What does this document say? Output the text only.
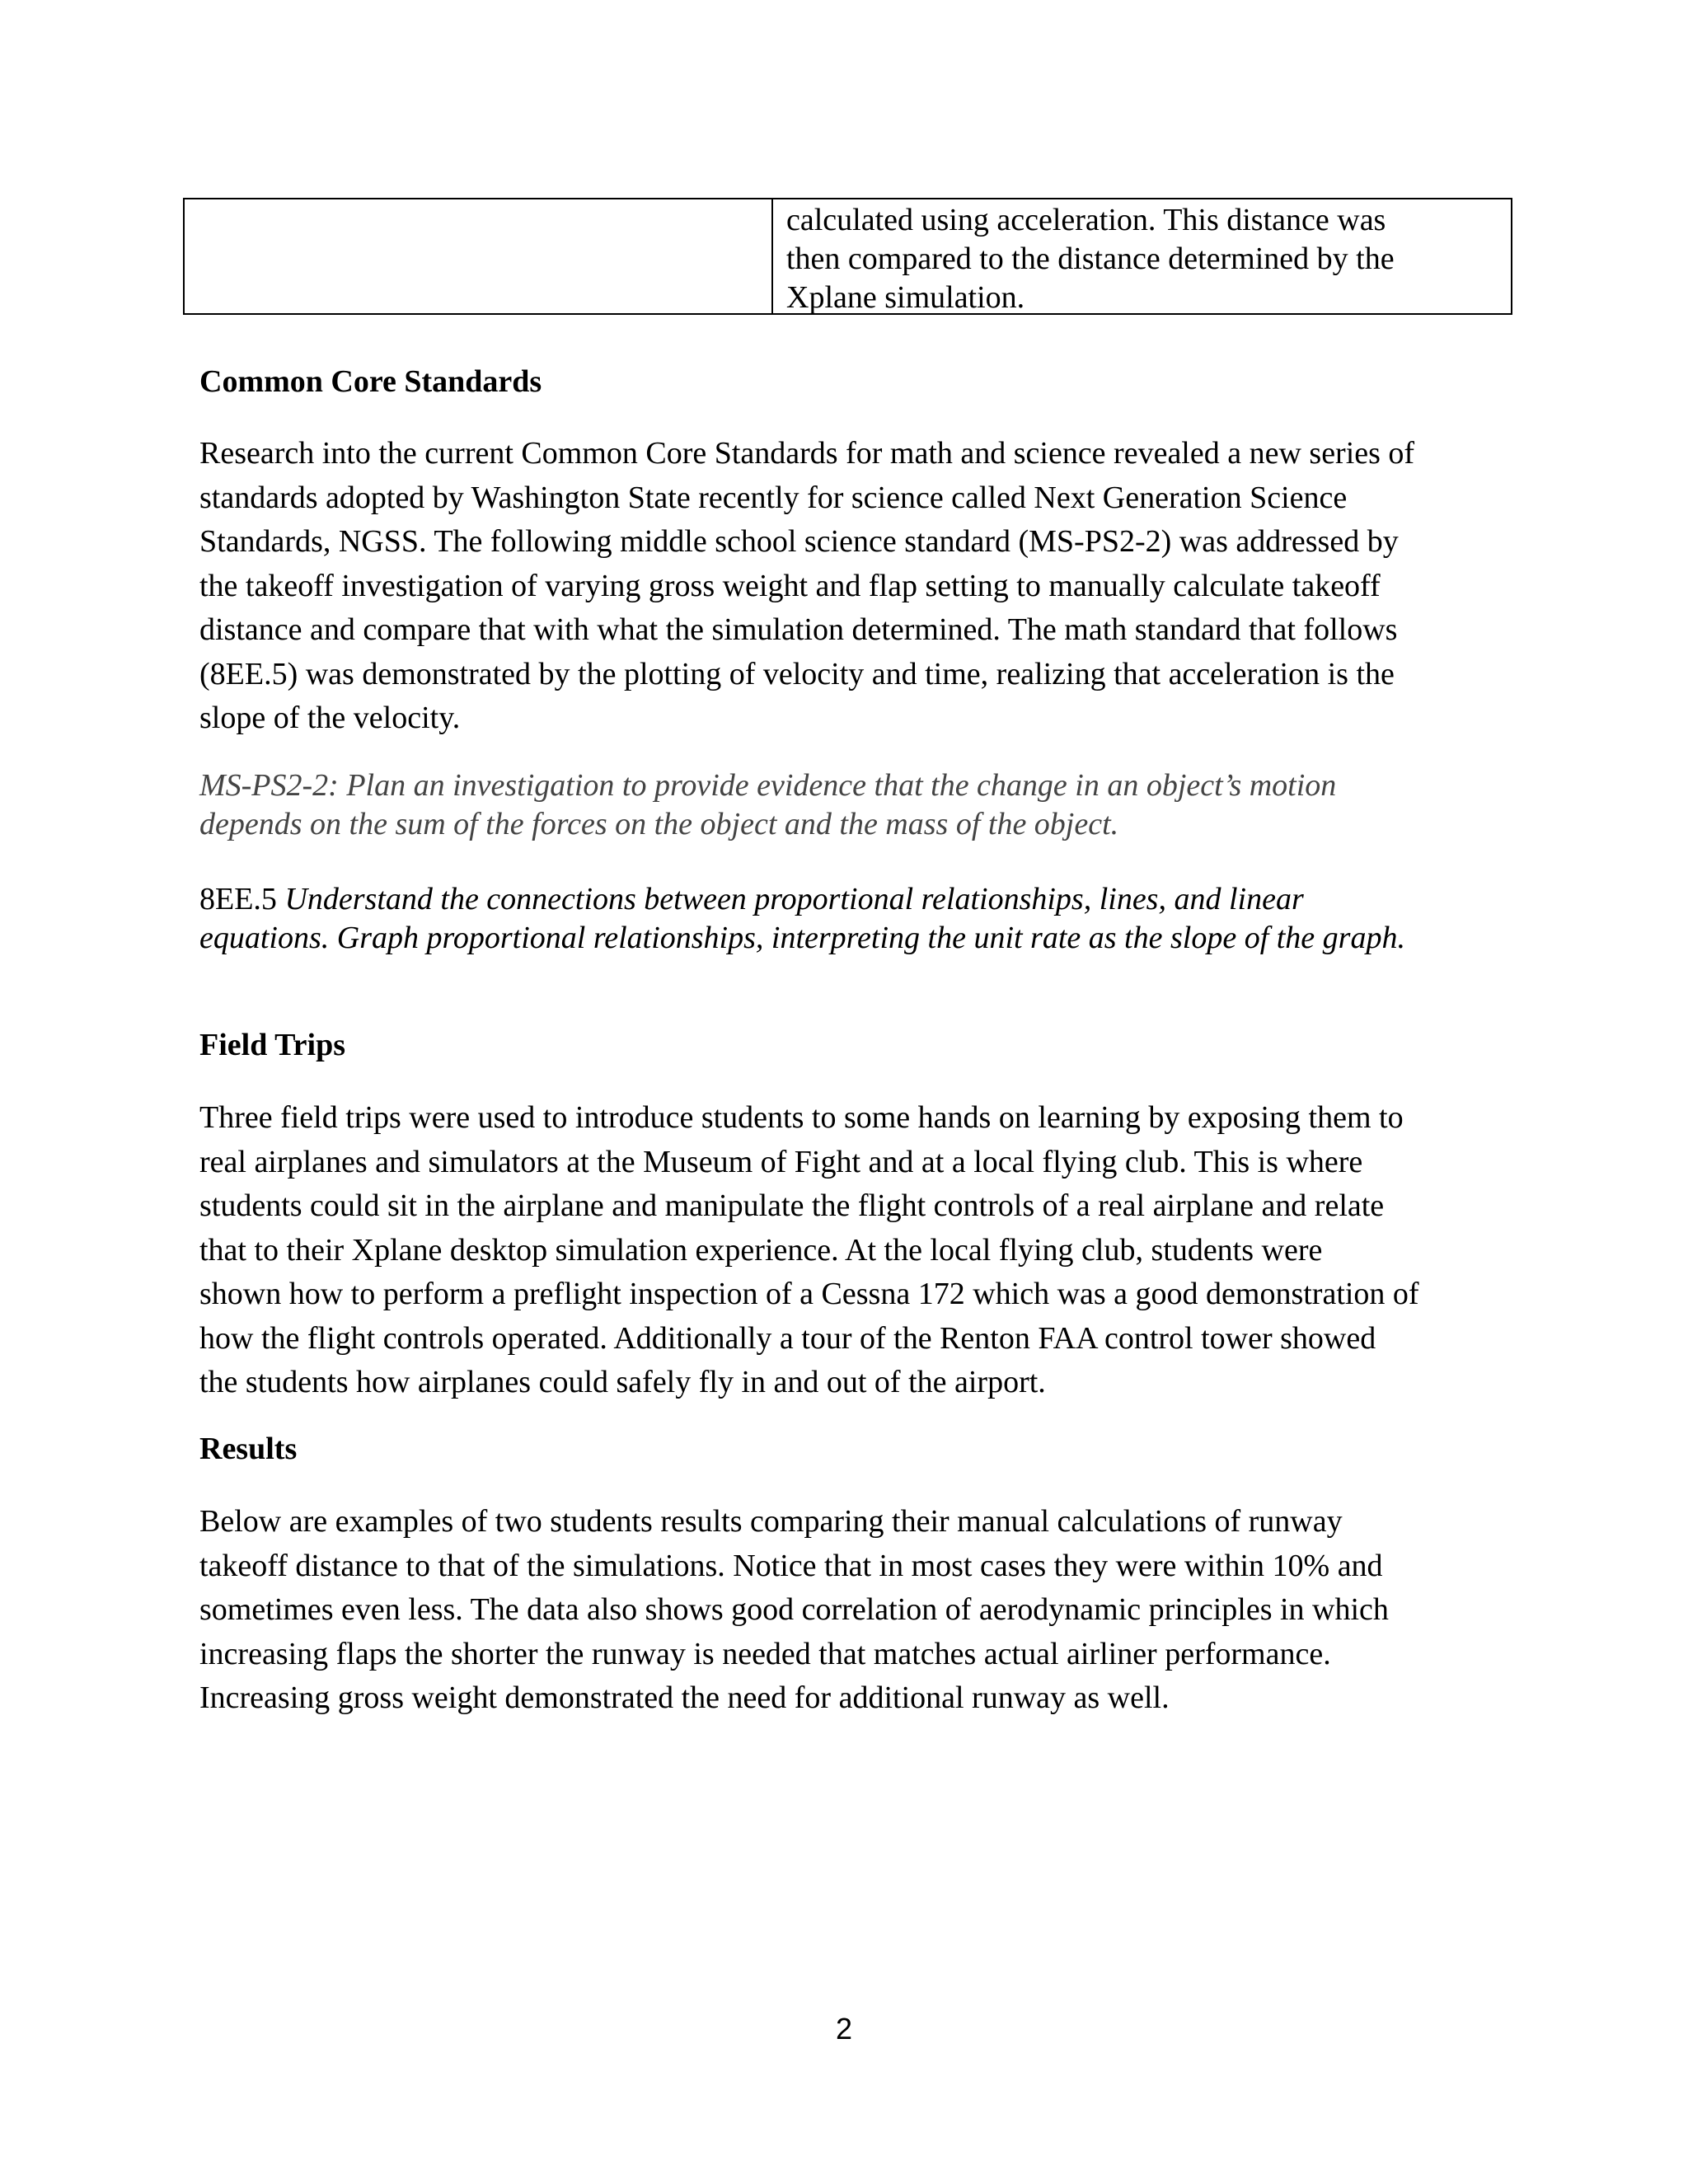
calculated using acceleration. This distance was
then compared to the distance determined by the
Xplane simulation.
Common Core Standards
Research into the current Common Core Standards for math and science revealed a new series of
standards adopted by Washington State recently for science called Next Generation Science
Standards, NGSS. The following middle school science standard (MS-PS2-2) was addressed by
the takeoff investigation of varying gross weight and flap setting to manually calculate takeoff
distance and compare that with what the simulation determined. The math standard that follows
(8EE.5) was demonstrated by the plotting of velocity and time, realizing that acceleration is the
slope of the velocity.
MS-PS2-2: Plan an investigation to provide evidence that the change in an object’s motion
depends on the sum of the forces on the object and the mass of the object.
8EE.5 Understand the connections between proportional relationships, lines, and linear
equations. Graph proportional relationships, interpreting the unit rate as the slope of the graph.
Field Trips
Three field trips were used to introduce students to some hands on learning by exposing them to
real airplanes and simulators at the Museum of Fight and at a local flying club. This is where
students could sit in the airplane and manipulate the flight controls of a real airplane and relate
that to their Xplane desktop simulation experience. At the local flying club, students were
shown how to perform a preflight inspection of a Cessna 172 which was a good demonstration of
how the flight controls operated. Additionally a tour of the Renton FAA control tower showed
the students how airplanes could safely fly in and out of the airport.
Results
Below are examples of two students results comparing their manual calculations of runway
takeoff distance to that of the simulations. Notice that in most cases they were within 10% and
sometimes even less. The data also shows good correlation of aerodynamic principles in which
increasing flaps the shorter the runway is needed that matches actual airliner performance.
Increasing gross weight demonstrated the need for additional runway as well.
2
